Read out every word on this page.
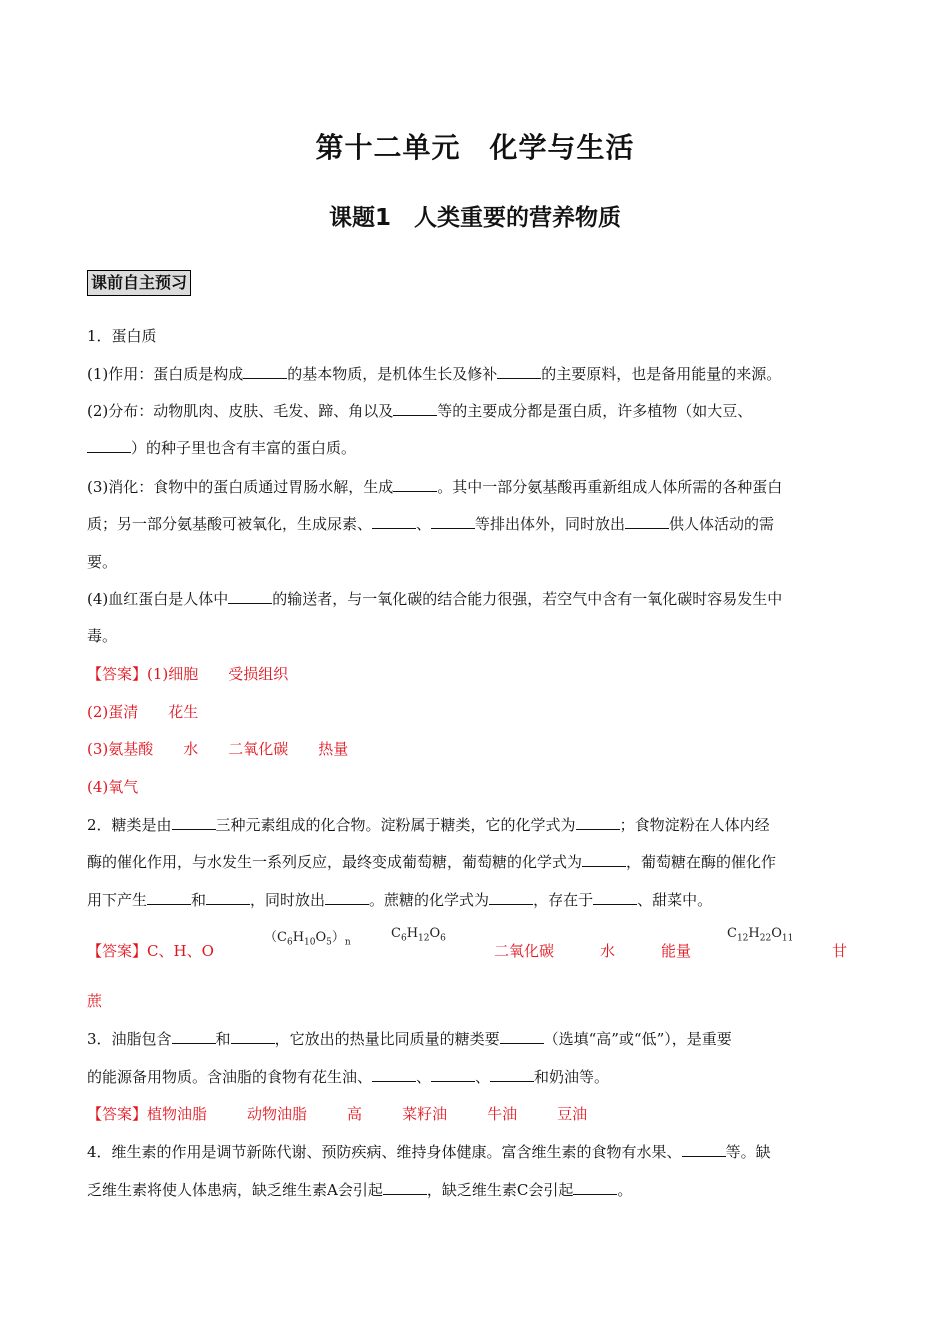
第十二单元　化学与生活
课题1　人类重要的营养物质
课前自主预习
1．蛋白质
(1)作用：蛋白质是构成	的基本物质，是机体生长及修补	的主要原料，也是备用能量的来源。
(2)分布：动物肌肉、皮肤、毛发、蹄、角以及	等的主要成分都是蛋白质，许多植物（如大豆、
）的种子里也含有丰富的蛋白质。
(3)消化：食物中的蛋白质通过胃肠水解，生成	。其中一部分氨基酸再重新组成人体所需的各种蛋白
质；另一部分氨基酸可被氧化，生成尿素、	、	等排出体外，同时放出	供人体活动的需
要。
(4)血红蛋白是人体中	的输送者，与一氧化碳的结合能力很强，若空气中含有一氧化碳时容易发生中
毒。
【答案】(1)细胞 受损组织
(2)蛋清 花生
(3)氨基酸 水 二氧化碳 热量
(4)氧气
2．糖类是由	三种元素组成的化合物。淀粉属于糖类，它的化学式为	；食物淀粉在人体内经
酶的催化作用，与水发生一系列反应，最终变成葡萄糖，葡萄糖的化学式为	，葡萄糖在酶的催化作
用下产生	和	，同时放出	。蔗糖的化学式为	，存在于	、甜菜中。
【答案】C、H、O
$(C_6H_{10}O_5)_n$
$C_6H_{12}O_6$
二氧化碳	水	能量
$C_{12}H_{22}O_{11}$
甘
蔗
3．油脂包含	和	，它放出的热量比同质量的糖类要	（选填“高”或“低”），是重要
的能源备用物质。含油脂的食物有花生油、	、	、	和奶油等。
【答案】植物油脂	动物油脂	高	菜籽油	牛油	豆油
4．维生素的作用是调节新陈代谢、预防疾病、维持身体健康。富含维生素的食物有水果、	等。缺
乏维生素将使人体患病，缺乏维生素A会引起	，缺乏维生素C会引起	。
